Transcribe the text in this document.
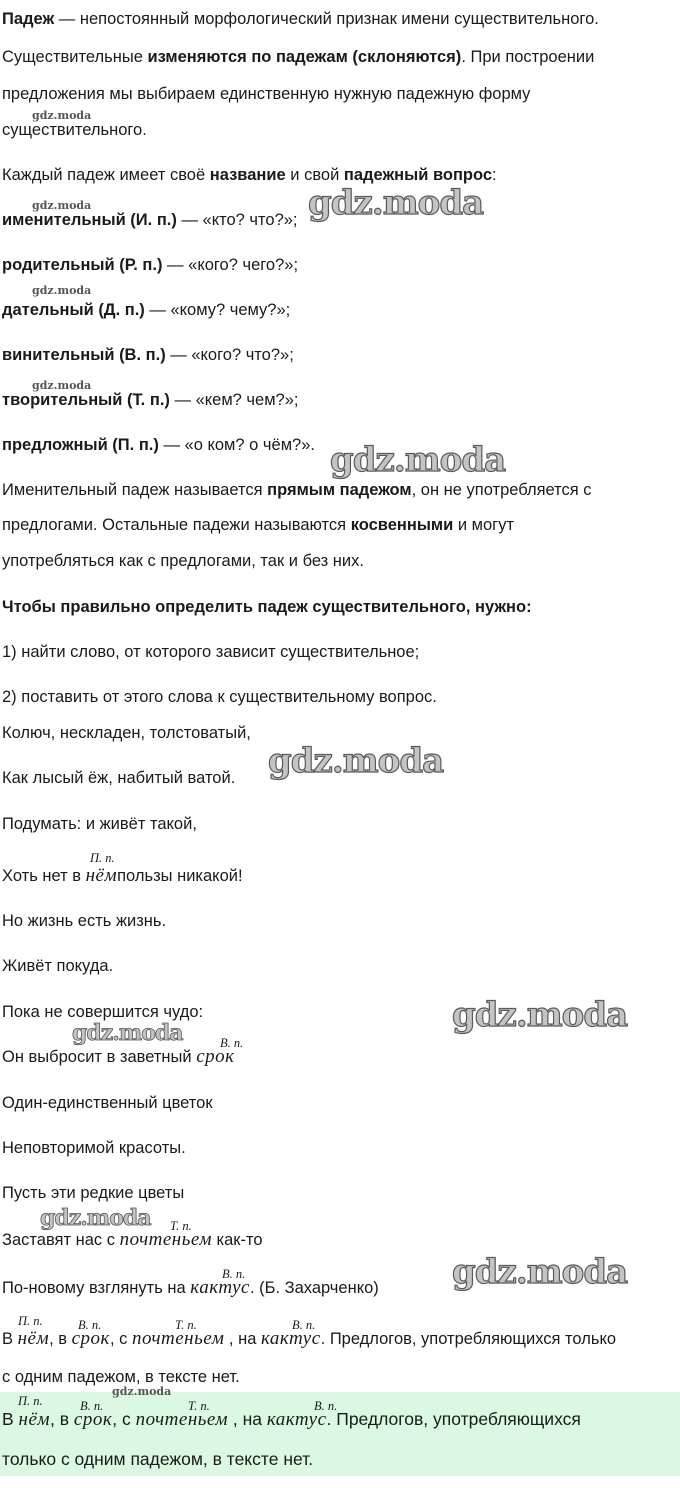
Падеж — непостоянный морфологический признак имени существительного.
Существительные изменяются по падежам (склоняются). При построении
предложения мы выбираем единственную нужную падежную форму
существительного.
Каждый падеж имеет своё название и свой падежный вопрос:
именительный (И. п.) — «кто? что?»;
родительный (Р. п.) — «кого? чего?»;
дательный (Д. п.) — «кому? чему?»;
винительный (В. п.) — «кого? что?»;
творительный (Т. п.) — «кем? чем?»;
предложный (П. п.) — «о ком? о чём?».
Именительный падеж называется прямым падежом, он не употребляется с
предлогами. Остальные падежи называются косвенными и могут
употребляться как с предлогами, так и без них.
Чтобы правильно определить падеж существительного, нужно:
1) найти слово, от которого зависит существительное;
2) поставить от этого слова к существительному вопрос.
Колюч, нескладен, толстоватый,
Как лысый ёж, набитый ватой.
Подумать: и живёт такой,
Хоть нет в нёмпользы никакой!
П. п.
Но жизнь есть жизнь.
Живёт покуда.
Пока не совершится чудо:
Он выбросит в заветный срок
В. п.
Один-единственный цветок
Неповторимой красоты.
Пусть эти редкие цветы
Заставят нас с почтеньем как-то
Т. п.
По-новому взглянуть на кактус. (Б. Захарченко)
В. п.
В нём, в срок, с почтеньем , на кактус. Предлогов, употребляющихся только
П. п.	В. п.	Т. п.	В. п.
с одним падежом, в тексте нет.
В нём, в срок, с почтеньем , на кактус. Предлогов, употребляющихся
П. п.	В. п.	Т. п.	В. п.
только с одним падежом, в тексте нет.
gdz.moda
gdz.moda
gdz.moda
gdz.moda
gdz.moda
gdz.moda
gdz.moda
gdz.moda
gdz.moda
gdz.moda
gdz.moda
gdz.moda
